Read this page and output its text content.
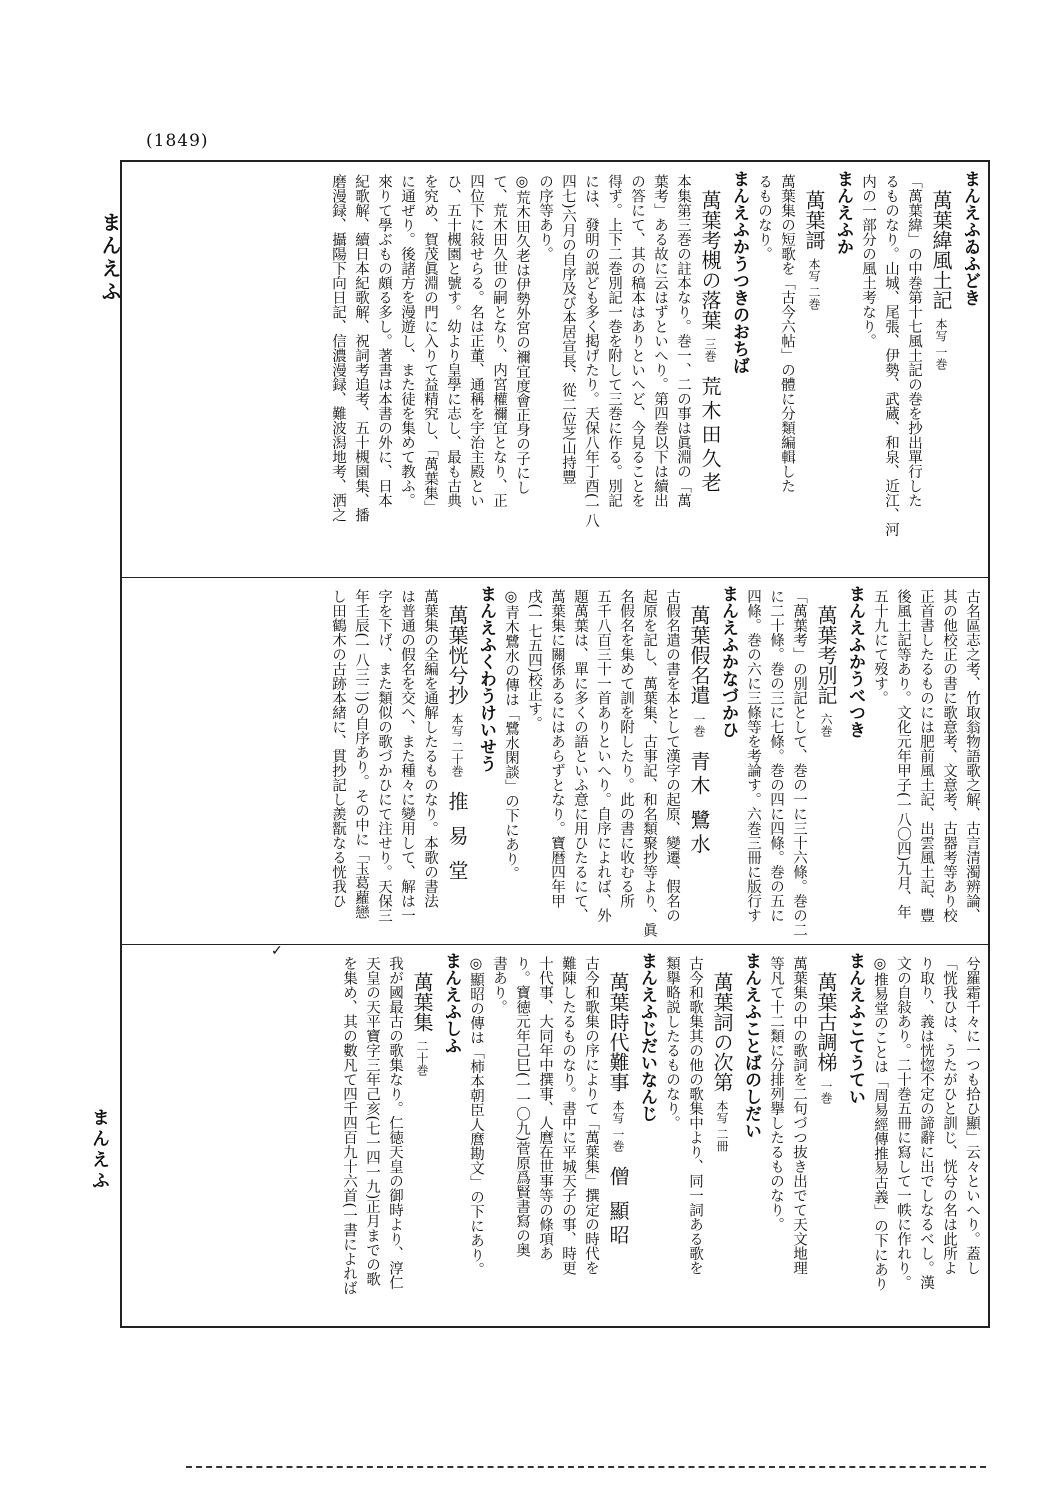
(1849)
まんえふ
まんえふ
まんえふゐふどき
萬葉緯風土記本写 一巻
「萬葉緯」の中巻第十七風土記の巻を抄出單行した
るものなり。山城、尾張、伊勢、武蔵、和泉、近江、河
内の一部分の風土考なり。
まんえふか
萬葉謌本写 二巻
萬葉集の短歌を「古今六帖」の體に分類編輯した
るものなり。
まんえふかうつきのおちば
萬葉考槻の落葉三巻荒木田久老
本集第三巻の註本なり。巻一、二の事は眞淵の「萬
葉考」ある故に云はずといへり。第四巻以下は續出
の答にて、其の稿本はありといへど、今見ることを
得ず。上下二巻別記一巻を附して三巻に作る。別記
には、發明の説ども多く掲げたり。天保八年丁酉(一八
四七)六月の自序及び本居宣長、從二位芝山持豐
の序等あり。
◎荒木田久老は伊勢外宮の禰宜度會正身の子にし
て、荒木田久世の嗣となり、内宮權禰宜となり、正
四位下に敍せらる。名は正董、通稱を宇治主殿とい
ひ、五十槻園と號す。幼より皇學に志し、最も古典
を究め、賀茂眞淵の門に入りて益精究し、「萬葉集」
に通ぜり。後諸方を漫遊し、また徒を集めて教ふ。
來りて學ぶもの頗る多し。著書は本書の外に、日本
紀歌解、續日本紀歌解、祝詞考追考、五十槻園集、播
磨漫録、攝陽下向日記、信濃漫録、難波潟地考、洒之
古名區志之考、竹取翁物語歌之解、古言清濁辨論、
其の他校正の書に歌意考、文意考、古器考等あり校
正首書したるものには肥前風土記、出雲風土記、豐
後風土記等あり。文化元年甲子(一八〇四)九月、年
五十九にて歿す。
まんえふかうべつき
萬葉考別記六巻
「萬葉考」の別記として、巻の一に三十六條。巻の二
に二十條。巻の三に七條。巻の四に四條。巻の五に
四條。巻の六に三條等を考論す。六巻三冊に版行す
まんえふかなづかひ
萬葉假名遣一巻青木 鷺水
古假名遣の書を本として漢字の起原、變遷、假名の
起原を記し、萬葉集、古事記、和名類聚抄等より、眞
名假名を集めて訓を附したり。此の書に收むる所
五千八百三十一首ありといへり。自序によれば、外
題萬葉は、單に多くの語といふ意に用ひたるにて、
萬葉集に關係あるにはあらずとなり。寶暦四年甲
戌(一七五四)校正す。
◎青木鷺水の傳は「鷺水閑談」の下にあり。
まんえふくわうけいせう
萬葉恍兮抄本写 二十巻推 易 堂
萬葉集の全編を通解したるものなり。本歌の書法
は普通の假名を交へ、また種々に變用して、解は一
字を下げ、また類似の歌づかひにて注せり。天保三
年壬辰(一八三二)の自序あり。その中に「玉葛蘿戀
し田鶴木の古跡本緒に、貫抄記し羨翫なる恍我ひ
兮羅霜千々に一つも拾ひ顯」云々といへり。蓋し
「恍我ひは、うたがひと訓じ、恍兮の名は此所よ
り取り、義は恍惚不定の諦辭に出でしなるべし。漢
文の自敍あり。二十巻五冊に寫して一帙に作れり。
◎推易堂のことは「周易經傳推易古義」の下にあり
まんえふこてうてい
萬葉古調梯一巻
萬葉集の中の歌詞を二句づつ抜き出でて天文地理
等凡て十二類に分排列擧したるものなり。
まんえふことばのしだい
萬葉詞の次第本写 二冊
古今和歌集其の他の歌集中より、同一詞ある歌を
類擧略説したるものなり。
まんえふじだいなんじ
萬葉時代難事本写 一巻僧 顯昭
古今和歌集の序によりて「萬葉集」撰定の時代を
難陳したるものなり。書中に平城天子の事、時更
十代事、大同年中撰事、人麿在世事等の條項あ
り。寶徳元年己巳(一一〇九)菅原爲賢書寫の奥
書あり。
◎顯昭の傳は「柿本朝臣人麿勘文」の下にあり。
まんえふしふ
萬葉集二十巻
我が國最古の歌集なり。仁徳天皇の御時より、淳仁
天皇の天平寶字三年己亥(七一四一九)正月までの歌
を集め、其の數凡て四千四百九十六首(一書によれば
✓
